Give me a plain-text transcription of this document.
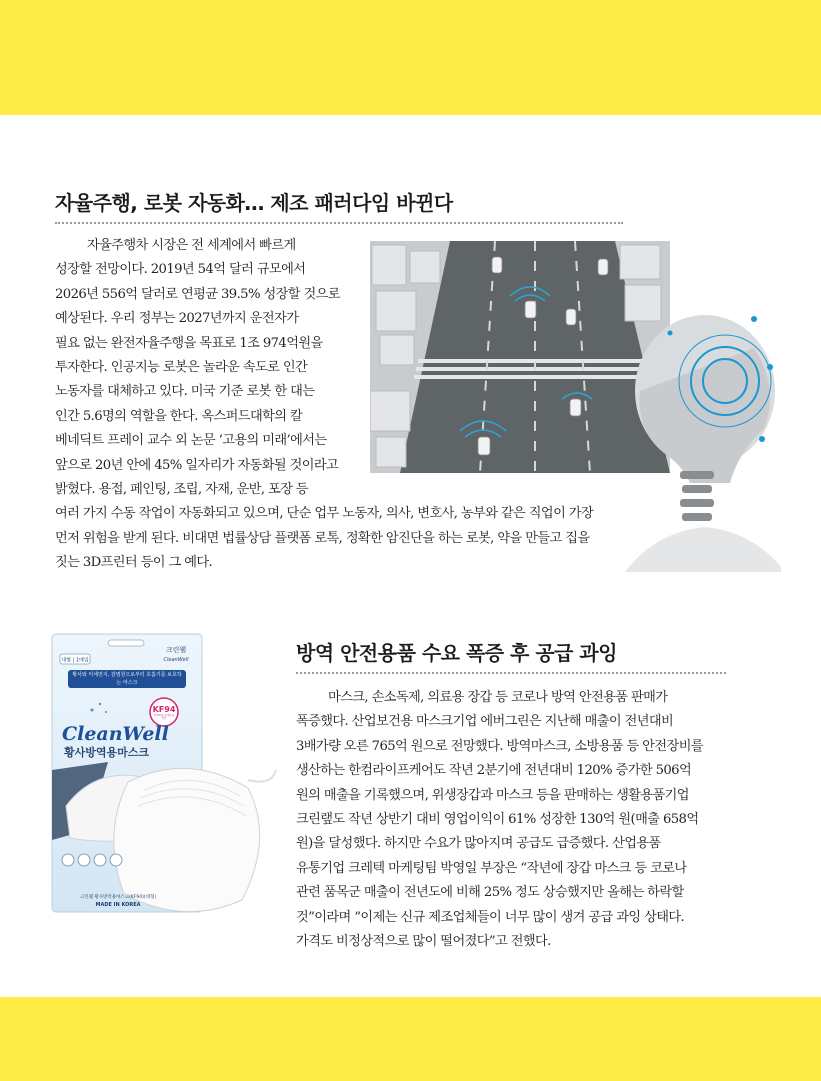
자율주행, 로봇 자동화… 제조 패러다임 바뀐다
자율주행차 시장은 전 세계에서 빠르게
성장할 전망이다. 2019년 54억 달러 규모에서
2026년 556억 달러로 연평균 39.5% 성장할 것으로
예상된다. 우리 정부는 2027년까지 운전자가
필요 없는 완전자율주행을 목표로 1조 974억원을
투자한다. 인공지능 로봇은 놀라운 속도로 인간
노동자를 대체하고 있다. 미국 기준 로봇 한 대는
인간 5.6명의 역할을 한다. 옥스퍼드대학의 칼
베네딕트 프레이 교수 외 논문 ‘고용의 미래’에서는
앞으로 20년 안에 45% 일자리가 자동화될 것이라고
밝혔다. 용접, 페인팅, 조립, 자재, 운반, 포장 등
여러 가지 수동 작업이 자동화되고 있으며, 단순 업무 노동자, 의사, 변호사, 농부와 같은 직업이 가장
먼저 위험을 받게 된다. 비대면 법률상담 플랫폼 로톡, 정확한 암진단을 하는 로봇, 약을 만들고 집을
짓는 3D프린터 등이 그 예다.
방역 안전용품 수요 폭증 후 공급 과잉
마스크, 손소독제, 의료용 장갑 등 코로나 방역 안전용품 판매가
폭증했다. 산업보건용 마스크기업 에버그린은 지난해 매출이 전년대비
3배가량 오른 765억 원으로 전망했다. 방역마스크, 소방용품 등 안전장비를
생산하는 한컴라이프케어도 작년 2분기에 전년대비 120% 증가한 506억
원의 매출을 기록했으며, 위생장갑과 마스크 등을 판매하는 생활용품기업
크린랲도 작년 상반기 대비 영업이익이 61% 성장한 130억 원(매출 658억
원)을 달성했다. 하지만 수요가 많아지며 공급도 급증했다. 산업용품
유통기업 크레텍 마케팅팀 박영일 부장은 “작년에 장갑 마스크 등 코로나
관련 품목군 매출이 전년도에 비해 25% 정도 상승했지만 올해는 하락할
것”이라며 “이제는 신규 제조업체들이 너무 많이 생겨 공급 과잉 상태다.
가격도 비정상적으로 많이 떨어졌다”고 전했다.
크린웰
CleanWell
대형 | 1매입
황사와 미세먼지, 감염원으로부터 호흡기를 보호하는 마스크
KF94
의약외품 미세먼지 차단
CleanWell
황사방역용마스크
크린웰 황사방역용마스크(KF94)(대형)
MADE IN KOREA
